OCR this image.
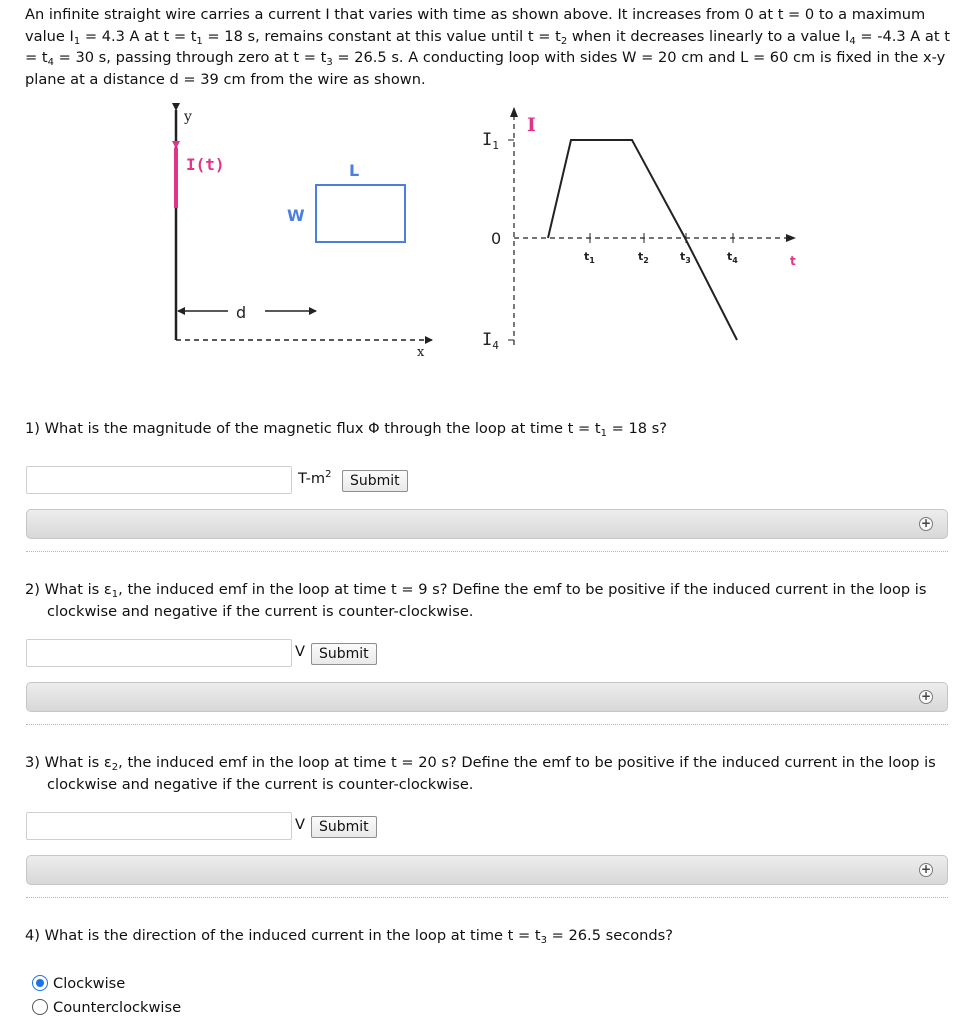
An infinite straight wire carries a current I that varies with time as shown above. It increases from 0 at t = 0 to a maximum value $I_1 = 4.3$ A at $t = t_1 = 18$ s, remains constant at this value until $t = t_2$ when it decreases linearly to a value $I_4 = -4.3$ A at $t = t_4 = 30$ s, passing through zero at $t = t_3 = 26.5$ s. A conducting loop with sides W = 20 cm and L = 60 cm is fixed in the x-y plane at a distance d = 39 cm from the wire as shown.

y
I(t)	L
W
d
x
I
$I_1$
0
$I_4$
t
$t_1$	$t_2$	$t_3$	$t_4$

1) What is the magnitude of the magnetic flux Φ through the loop at time $t = t_1 = 18$ s?

$T-m^2$	Submit
+

2) What is $\varepsilon_1$, the induced emf in the loop at time t = 9 s? Define the emf to be positive if the induced current in the loop is clockwise and negative if the current is counter-clockwise.

V	Submit
+

3) What is $\varepsilon_2$, the induced emf in the loop at time t = 20 s? Define the emf to be positive if the induced current in the loop is clockwise and negative if the current is counter-clockwise.

V	Submit
+

4) What is the direction of the induced current in the loop at time $t = t_3 = 26.5$ seconds?

Clockwise
Counterclockwise
